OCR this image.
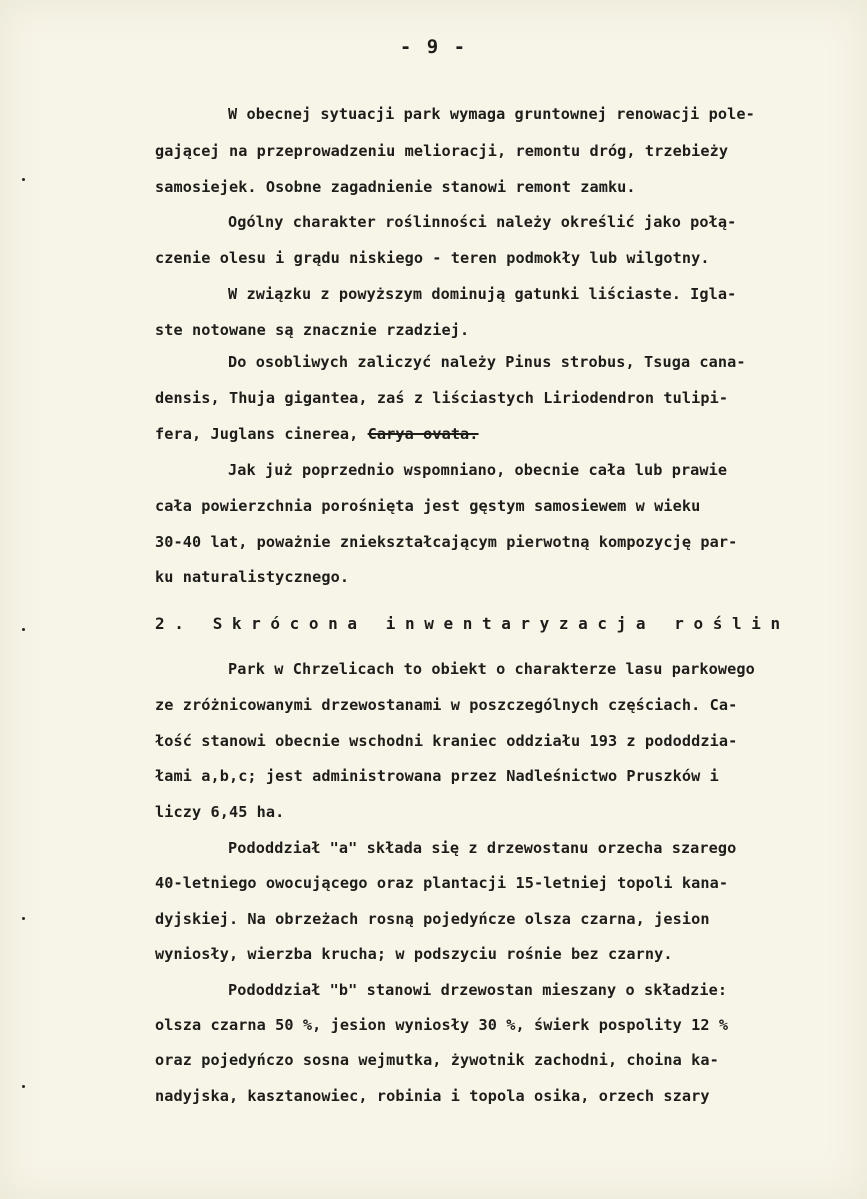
- 9 -
W obecnej sytuacji park wymaga gruntownej renowacji pole-
gającej na przeprowadzeniu melioracji, remontu dróg, trzebieży
samosiejek. Osobne zagadnienie stanowi remont zamku.
Ogólny charakter roślinności należy określić jako połą-
czenie olesu i grądu niskiego - teren podmokły lub wilgotny.
W związku z powyższym dominują gatunki liściaste. Igla-
ste notowane są znacznie rzadziej.
Do osobliwych zaliczyć należy Pinus strobus, Tsuga cana-
densis, Thuja gigantea, zaś z liściastych Liriodendron tulipi-
fera, Juglans cinerea, Carya ovata.
Jak już poprzednio wspomniano, obecnie cała lub prawie
cała powierzchnia porośnięta jest gęstym samosiewem w wieku
30-40 lat, poważnie zniekształcającym pierwotną kompozycję par-
ku naturalistycznego.
2. Skrócona inwentaryzacja roślin
Park w Chrzelicach to obiekt o charakterze lasu parkowego
ze zróżnicowanymi drzewostanami w poszczególnych częściach. Ca-
łość stanowi obecnie wschodni kraniec oddziału 193 z pododdzia-
łami a,b,c; jest administrowana przez Nadleśnictwo Pruszków i
liczy 6,45 ha.
Pododdział "a" składa się z drzewostanu orzecha szarego
40-letniego owocującego oraz plantacji 15-letniej topoli kana-
dyjskiej. Na obrzeżach rosną pojedyńcze olsza czarna, jesion
wyniosły, wierzba krucha; w podszyciu rośnie bez czarny.
Pododdział "b" stanowi drzewostan mieszany o składzie:
olsza czarna 50 %, jesion wyniosły 30 %, świerk pospolity 12 %
oraz pojedyńczo sosna wejmutka, żywotnik zachodni, choina ka-
nadyjska, kasztanowiec, robinia i topola osika, orzech szary
